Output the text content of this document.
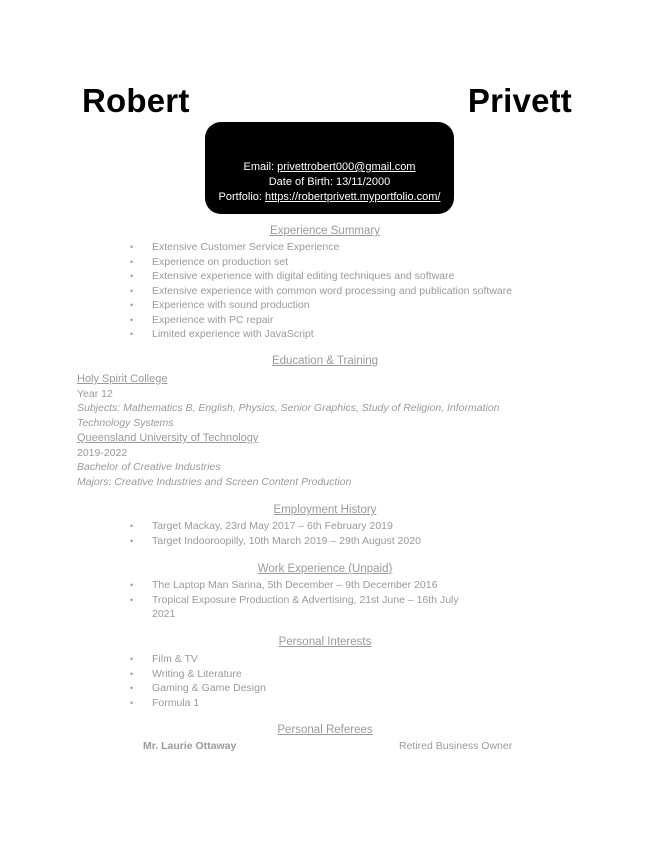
Robert	Privett
Email: privettrobert000@gmail.com
Date of Birth: 13/11/2000
Portfolio: https://robertprivett.myportfolio.com/
Experience Summary
• Extensive Customer Service Experience
• Experience on production set
• Extensive experience with digital editing techniques and software
• Extensive experience with common word processing and publication software
• Experience with sound production
• Experience with PC repair
• Limited experience with JavaScript
Education & Training
Holy Spirit College
Year 12
Subjects: Mathematics B, English, Physics, Senior Graphics, Study of Religion, Information Technology Systems
Queensland University of Technology
2019-2022
Bachelor of Creative Industries
Majors: Creative Industries and Screen Content Production
Employment History
• Target Mackay, 23rd May 2017 – 6th February 2019
• Target Indooroopilly, 10th March 2019 – 29th August 2020
Work Experience (Unpaid)
• The Laptop Man Sarina, 5th December – 9th December 2016
• Tropical Exposure Production & Advertising, 21st June – 16th July 2021
Personal Interests
• Film & TV
• Writing & Literature
• Gaming & Game Design
• Formula 1
Personal Referees
Mr. Laurie Ottaway	Retired Business Owner
